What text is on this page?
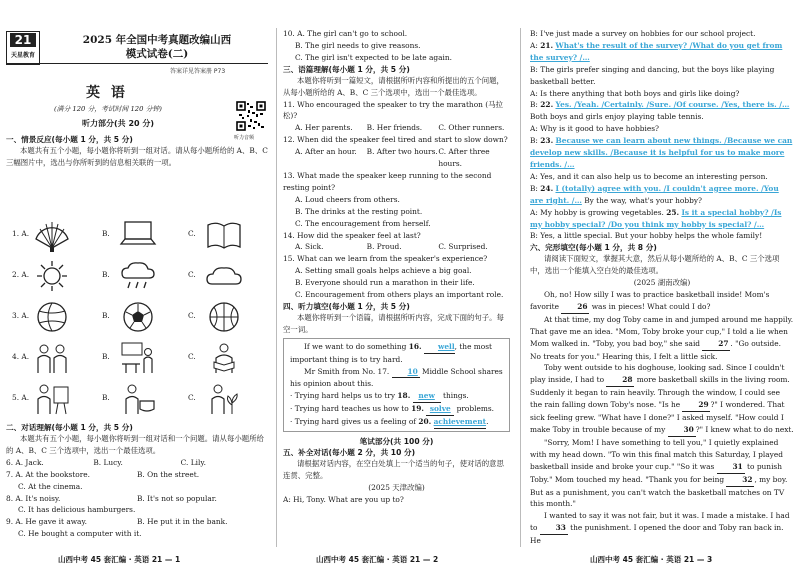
21
天星教育
2025 年全国中考真题改编山西
模式试卷(二)
答案详见答案册 P73
英 语
(满分 120 分，考试时间 120 分钟)
听力部分(共 20 分)
听力音频
一、情景反应(每小题 1 分，共 5 分)
本题共有五个小题，每小题你将听到一组对话。请从每小题所给的 A、B、C 三幅图片中，选出与你所听到的信息相关联的一项。
1. A.	B.	C.
2. A.	B.	C.
3. A.	B.	C.
4. A.	B.	C.
5. A.	B.	C.
二、对话理解(每小题 1 分，共 5 分)
本题共有五个小题，每小题你将听到一组对话和一个问题。请从每小题所给的 A、B、C 三个选项中，选出一个最佳选项。
6. A. Jack.	B. Lucy.	C. Lily.
7. A. At the bookstore.	B. On the street.
C. At the cinema.
8. A. It's noisy.	B. It's not so popular.
C. It has delicious hamburgers.
9. A. He gave it away.	B. He put it in the bank.
C. He bought a computer with it.
10. A. The girl can't go to school.
B. The girl needs to give reasons.
C. The girl isn't expected to be late again.
三、语篇理解(每小题 1 分，共 5 分)
本题你将听到一篇短文，请根据所听内容和所提出的五个问题，从每小题所给的 A、B、C 三个选项中，选出一个最佳选项。
11. Who encouraged the speaker to try the marathon (马拉松)?
A. Her parents.	B. Her friends.	C. Other runners.
12. When did the speaker feel tired and start to slow down?
A. After an hour.	B. After two hours. C. After three hours.
13. What made the speaker keep running to the second resting point?
A. Loud cheers from others.
B. The drinks at the resting point.
C. The encouragement from herself.
14. How did the speaker feel at last?
A. Sick.	B. Proud.	C. Surprised.
15. What can we learn from the speaker's experience?
A. Setting small goals helps achieve a big goal.
B. Everyone should run a marathon in their life.
C. Encouragement from others plays an important role.
四、听力填空(每小题 1 分，共 5 分)
本题你将听到一个语篇，请根据所听内容，完成下面的句子。每空一词。
If we want to do something 16. well, the most important thing is to try hard.
Mr Smith from No. 17. 10 Middle School shares his opinion about this.
· Trying hard helps us to try 18. new things.
· Trying hard teaches us how to 19. solve problems.
· Trying hard gives us a feeling of 20. achievement.
笔试部分(共 100 分)
五、补全对话(每小题 2 分，共 10 分)
请根据对话内容，在空白处填上一个适当的句子，使对话的意思连贯、完整。
(2025 天津改编)
A: Hi, Tony. What are you up to?
B: I've just made a survey on hobbies for our school project.
A: 21. What's the result of the survey? /What do you get from the survey? /…
B: The girls prefer singing and dancing, but the boys like playing basketball better.
A: Is there anything that both boys and girls like doing?
B: 22. Yes. /Yeah. /Certainly. /Sure. /Of course. /Yes, there is. /… Both boys and girls enjoy playing table tennis.
A: Why is it good to have hobbies?
B: 23. Because we can learn about new things. /Because we can develop new skills. /Because it is helpful for us to make more friends. /…
A: Yes, and it can also help us to become an interesting person.
B: 24. I (totally) agree with you. /I couldn't agree more. /You are right. /… By the way, what's your hobby?
A: My hobby is growing vegetables. 25. Is it a special hobby? /Is my hobby special? /Do you think my hobby is special? /…
B: Yes, a little special. But your hobby helps the whole family!
六、完形填空(每小题 1 分，共 8 分)
请阅读下面短文，掌握其大意，然后从每小题所给的 A、B、C 三个选项中，选出一个能填入空白处的最佳选项。
(2025 湖南改编)
Oh, no! How silly I was to practice basketball inside! Mom's favorite 26 was in pieces! What could I do?
At that time, my dog Toby came in and jumped around me happily. That gave me an idea. "Mom, Toby broke your cup," I told a lie when Mom walked in. "Toby, you bad boy," she said 27 . "Go outside. No treats for you." Hearing this, I felt a little sick.
Toby went outside to his doghouse, looking sad. Since I couldn't play inside, I had to 28 more basketball skills in the living room. Suddenly it began to rain heavily. Through the window, I could see the rain falling down Toby's nose. "Is he 29 ?" I wondered. That sick feeling grew. "What have I done?" I asked myself. "How could I make Toby in trouble because of my 30 ?" I knew what to do next.
"Sorry, Mom! I have something to tell you," I quietly explained with my head down. "To win this final match this Saturday, I played basketball inside and broke your cup." "So it was 31 to punish Toby." Mom touched my head. "Thank you for being 32 , my boy. But as a punishment, you can't watch the basketball matches on TV this month."
I wanted to say it was not fair, but it was. I made a mistake. I had to 33 the punishment. I opened the door and Toby ran back in. He
山西中考 45 套汇编 · 英语 21 — 1	山西中考 45 套汇编 · 英语 21 — 2	山西中考 45 套汇编 · 英语 21 — 3
